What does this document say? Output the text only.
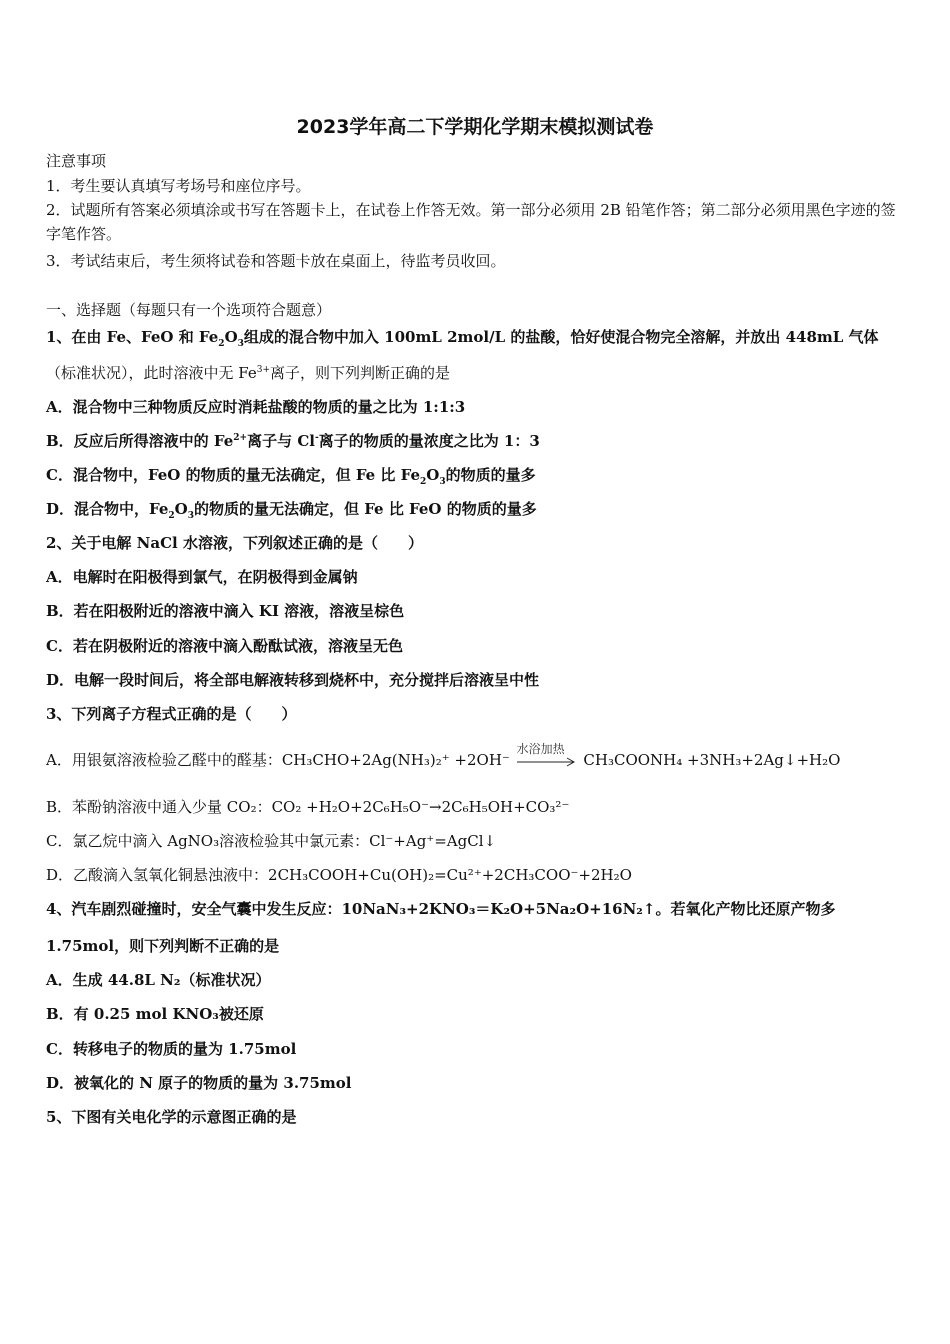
2023学年高二下学期化学期末模拟测试卷
注意事项
1．考生要认真填写考场号和座位序号。
2．试题所有答案必须填涂或书写在答题卡上，在试卷上作答无效。第一部分必须用 2B 铅笔作答；第二部分必须用黑色字迹的签字笔作答。
3．考试结束后，考生须将试卷和答题卡放在桌面上，待监考员收回。
一、选择题（每题只有一个选项符合题意）
1、在由 Fe、FeO 和 $Fe_2O_3$组成的混合物中加入 100mL 2mol/L 的盐酸，恰好使混合物完全溶解，并放出 448mL 气体
（标准状况），此时溶液中无 $Fe^{3+}$离子，则下列判断正确的是
A．混合物中三种物质反应时消耗盐酸的物质的量之比为 1:1:3
B．反应后所得溶液中的 $Fe^{2+}$离子与 Cl-离子的物质的量浓度之比为 1：3
C．混合物中，FeO 的物质的量无法确定，但 Fe 比 $Fe_2O_3$的物质的量多
D．混合物中，$Fe_2O_3$的物质的量无法确定，但 Fe 比 FeO 的物质的量多
2、关于电解 NaCl 水溶液，下列叙述正确的是（　　）
A．电解时在阳极得到氯气，在阴极得到金属钠
B．若在阳极附近的溶液中滴入 KI 溶液，溶液呈棕色
C．若在阴极附近的溶液中滴入酚酞试液，溶液呈无色
D．电解一段时间后，将全部电解液转移到烧杯中，充分搅拌后溶液呈中性
3、下列离子方程式正确的是（　　）
A．用银氨溶液检验乙醛中的醛基：CH₃CHO+2Ag(NH₃)₂⁺ +2OH⁻
水浴加热
CH₃COONH₄ +3NH₃+2Ag↓+H₂O
B．苯酚钠溶液中通入少量 CO₂：CO₂ +H₂O+2C₆H₅O⁻→2C₆H₅OH+CO₃²⁻
C．氯乙烷中滴入 AgNO₃溶液检验其中氯元素：Cl⁻+Ag⁺=AgCl↓
D．乙酸滴入氢氧化铜悬浊液中：2CH₃COOH+Cu(OH)₂=Cu²⁺+2CH₃COO⁻+2H₂O
4、汽车剧烈碰撞时，安全气囊中发生反应：10NaN₃+2KNO₃＝K₂O+5Na₂O+16N₂↑。若氧化产物比还原产物多
1.75mol，则下列判断不正确的是
A．生成 44.8L N₂（标准状况）
B．有 0.25 mol KNO₃被还原
C．转移电子的物质的量为 1.75mol
D．被氧化的 N 原子的物质的量为 3.75mol
5、下图有关电化学的示意图正确的是
